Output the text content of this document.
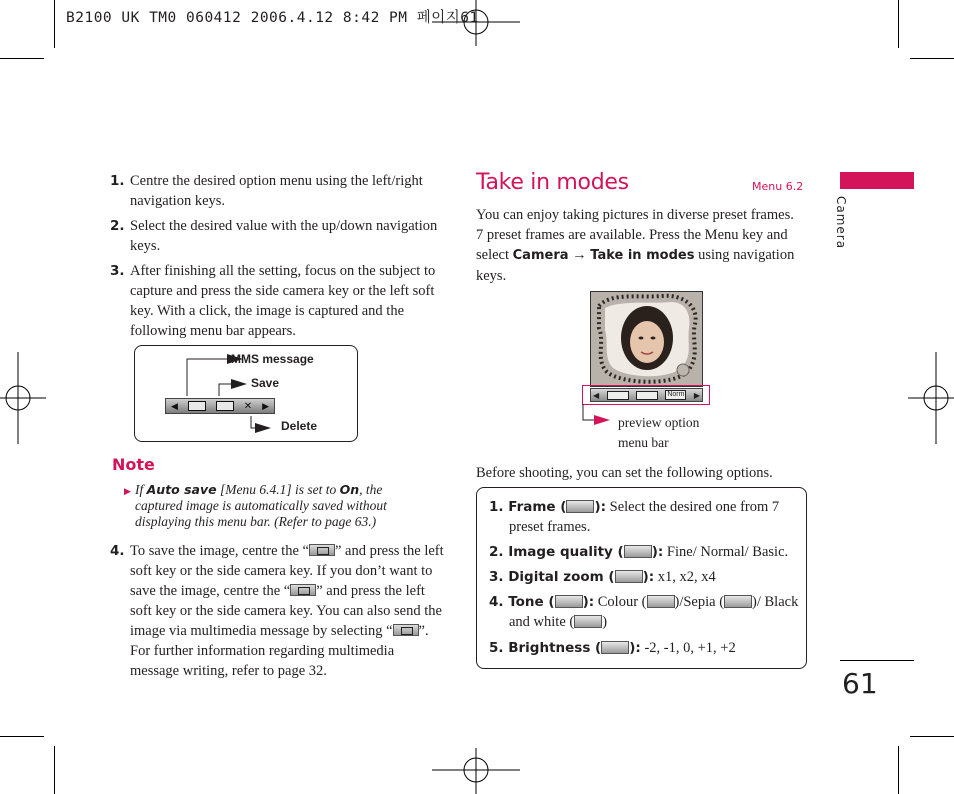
B2100 UK TM0 060412 2006.4.12 8:42 PM 페이지61
1. Centre the desired option menu using the left/right navigation keys.
2. Select the desired value with the up/down navigation keys.
3. After finishing all the setting, focus on the subject to capture and press the side camera key or the left soft key. With a click, the image is captured and the following menu bar appears.
MMS message
Save
Delete
◀	✕ ▶
Note
▶ If Auto save [Menu 6.4.1] is set to On, the captured image is automatically saved without displaying this menu bar. (Refer to page 63.)
4. To save the image, centre the “ ” and press the left soft key or the side camera key. If you don’t want to save the image, centre the “ ” and press the left soft key or the side camera key. You can also send the image via multimedia message by selecting “ ”. For further information regarding multimedia message writing, refer to page 32.
Take in modes	Menu 6.2
You can enjoy taking pictures in diverse preset frames. 7 preset frames are available. Press the Menu key and select Camera → Take in modes using navigation keys.
◀	Norm ▶
preview option menu bar
Before shooting, you can set the following options.
1. Frame ( ): Select the desired one from 7 preset frames.
2. Image quality ( ): Fine/ Normal/ Basic.
3. Digital zoom ( ): x1, x2, x4
4. Tone ( ): Colour ( )/Sepia ( )/ Black and white ( )
5. Brightness ( ): -2, -1, 0, +1, +2
Camera
61
